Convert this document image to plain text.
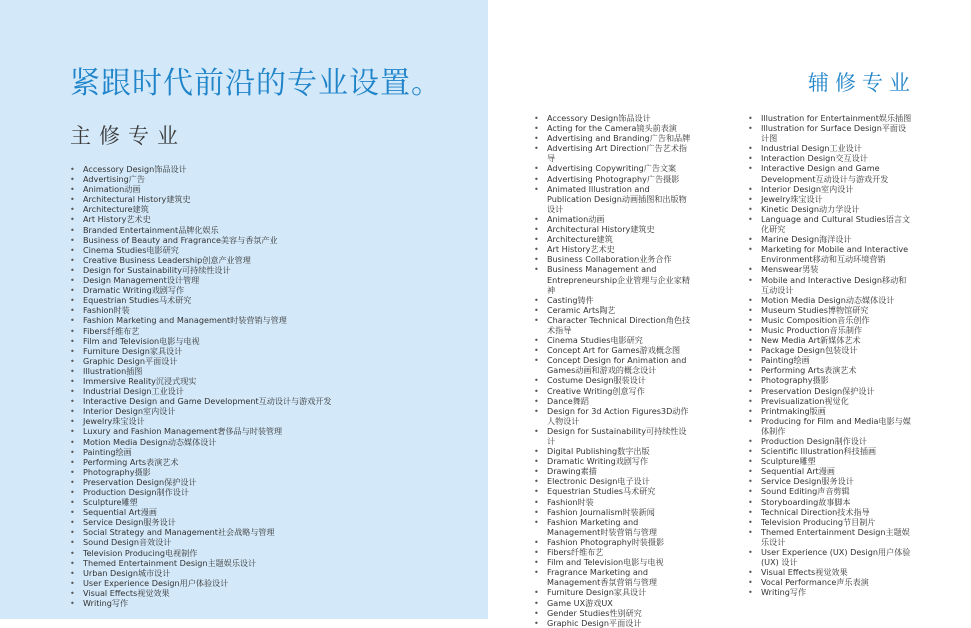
紧跟时代前沿的专业设置。
主修专业
辅修专业
• Accessory Design饰品设计
• Advertising广告
• Animation动画
• Architectural History建筑史
• Architecture建筑
• Art History艺术史
• Branded Entertainment品牌化娱乐
• Business of Beauty and Fragrance美容与香氛产业
• Cinema Studies电影研究
• Creative Business Leadership创意产业管理
• Design for Sustainability可持续性设计
• Design Management设计管理
• Dramatic Writing戏剧写作
• Equestrian Studies马术研究
• Fashion时装
• Fashion Marketing and Management时装营销与管理
• Fibers纤维布艺
• Film and Television电影与电视
• Furniture Design家具设计
• Graphic Design平面设计
• Illustration插图
• Immersive Reality沉浸式现实
• Industrial Design工业设计
• Interactive Design and Game Development互动设计与游戏开发
• Interior Design室内设计
• Jewelry珠宝设计
• Luxury and Fashion Management奢侈品与时装管理
• Motion Media Design动态媒体设计
• Painting绘画
• Performing Arts表演艺术
• Photography摄影
• Preservation Design保护设计
• Production Design制作设计
• Sculpture雕塑
• Sequential Art漫画
• Service Design服务设计
• Social Strategy and Management社会战略与管理
• Sound Design音效设计
• Television Producing电视制作
• Themed Entertainment Design主题娱乐设计
• Urban Design城市设计
• User Experience Design用户体验设计
• Visual Effects视觉效果
• Writing写作
• Accessory Design饰品设计
• Acting for the Camera镜头前表演
• Advertising and Branding广告和品牌
• Advertising Art Direction广告艺术指导
• Advertising Copywriting广告文案
• Advertising Photography广告摄影
• Animated Illustration and Publication Design动画插图和出版物设计
• Animation动画
• Architectural History建筑史
• Architecture建筑
• Art History艺术史
• Business Collaboration业务合作
• Business Management and Entrepreneurship企业管理与企业家精神
• Casting铸件
• Ceramic Arts陶艺
• Character Technical Direction角色技术指导
• Cinema Studies电影研究
• Concept Art for Games游戏概念图
• Concept Design for Animation and Games动画和游戏的概念设计
• Costume Design服装设计
• Creative Writing创意写作
• Dance舞蹈
• Design for 3d Action Figures3D动作人物设计
• Design for Sustainability可持续性设计
• Digital Publishing数字出版
• Dramatic Writing戏剧写作
• Drawing素描
• Electronic Design电子设计
• Equestrian Studies马术研究
• Fashion时装
• Fashion Journalism时装新闻
• Fashion Marketing and Management时装营销与管理
• Fashion Photography时装摄影
• Fibers纤维布艺
• Film and Television电影与电视
• Fragrance Marketing and Management香氛营销与管理
• Furniture Design家具设计
• Game UX游戏UX
• Gender Studies性别研究
• Graphic Design平面设计
• Illustration for Entertainment娱乐插图
• Illustration for Surface Design平面设计图
• Industrial Design工业设计
• Interaction Design交互设计
• Interactive Design and Game Development互动设计与游戏开发
• Interior Design室内设计
• Jewelry珠宝设计
• Kinetic Design动力学设计
• Language and Cultural Studies语言文化研究
• Marine Design海洋设计
• Marketing for Mobile and Interactive Environment移动和互动环境营销
• Menswear男装
• Mobile and Interactive Design移动和互动设计
• Motion Media Design动态媒体设计
• Museum Studies博物馆研究
• Music Composition音乐创作
• Music Production音乐制作
• New Media Art新媒体艺术
• Package Design包装设计
• Painting绘画
• Performing Arts表演艺术
• Photography摄影
• Preservation Design保护设计
• Previsualization视觉化
• Printmaking版画
• Producing for Film and Media电影与媒体制作
• Production Design制作设计
• Scientific Illustration科技插画
• Sculpture雕塑
• Sequential Art漫画
• Service Design服务设计
• Sound Editing声音剪辑
• Storyboarding故事脚本
• Technical Direction技术指导
• Television Producing节目制片
• Themed Entertainment Design主题娱乐设计
• User Experience (UX) Design用户体验(UX) 设计
• Visual Effects视觉效果
• Vocal Performance声乐表演
• Writing写作
